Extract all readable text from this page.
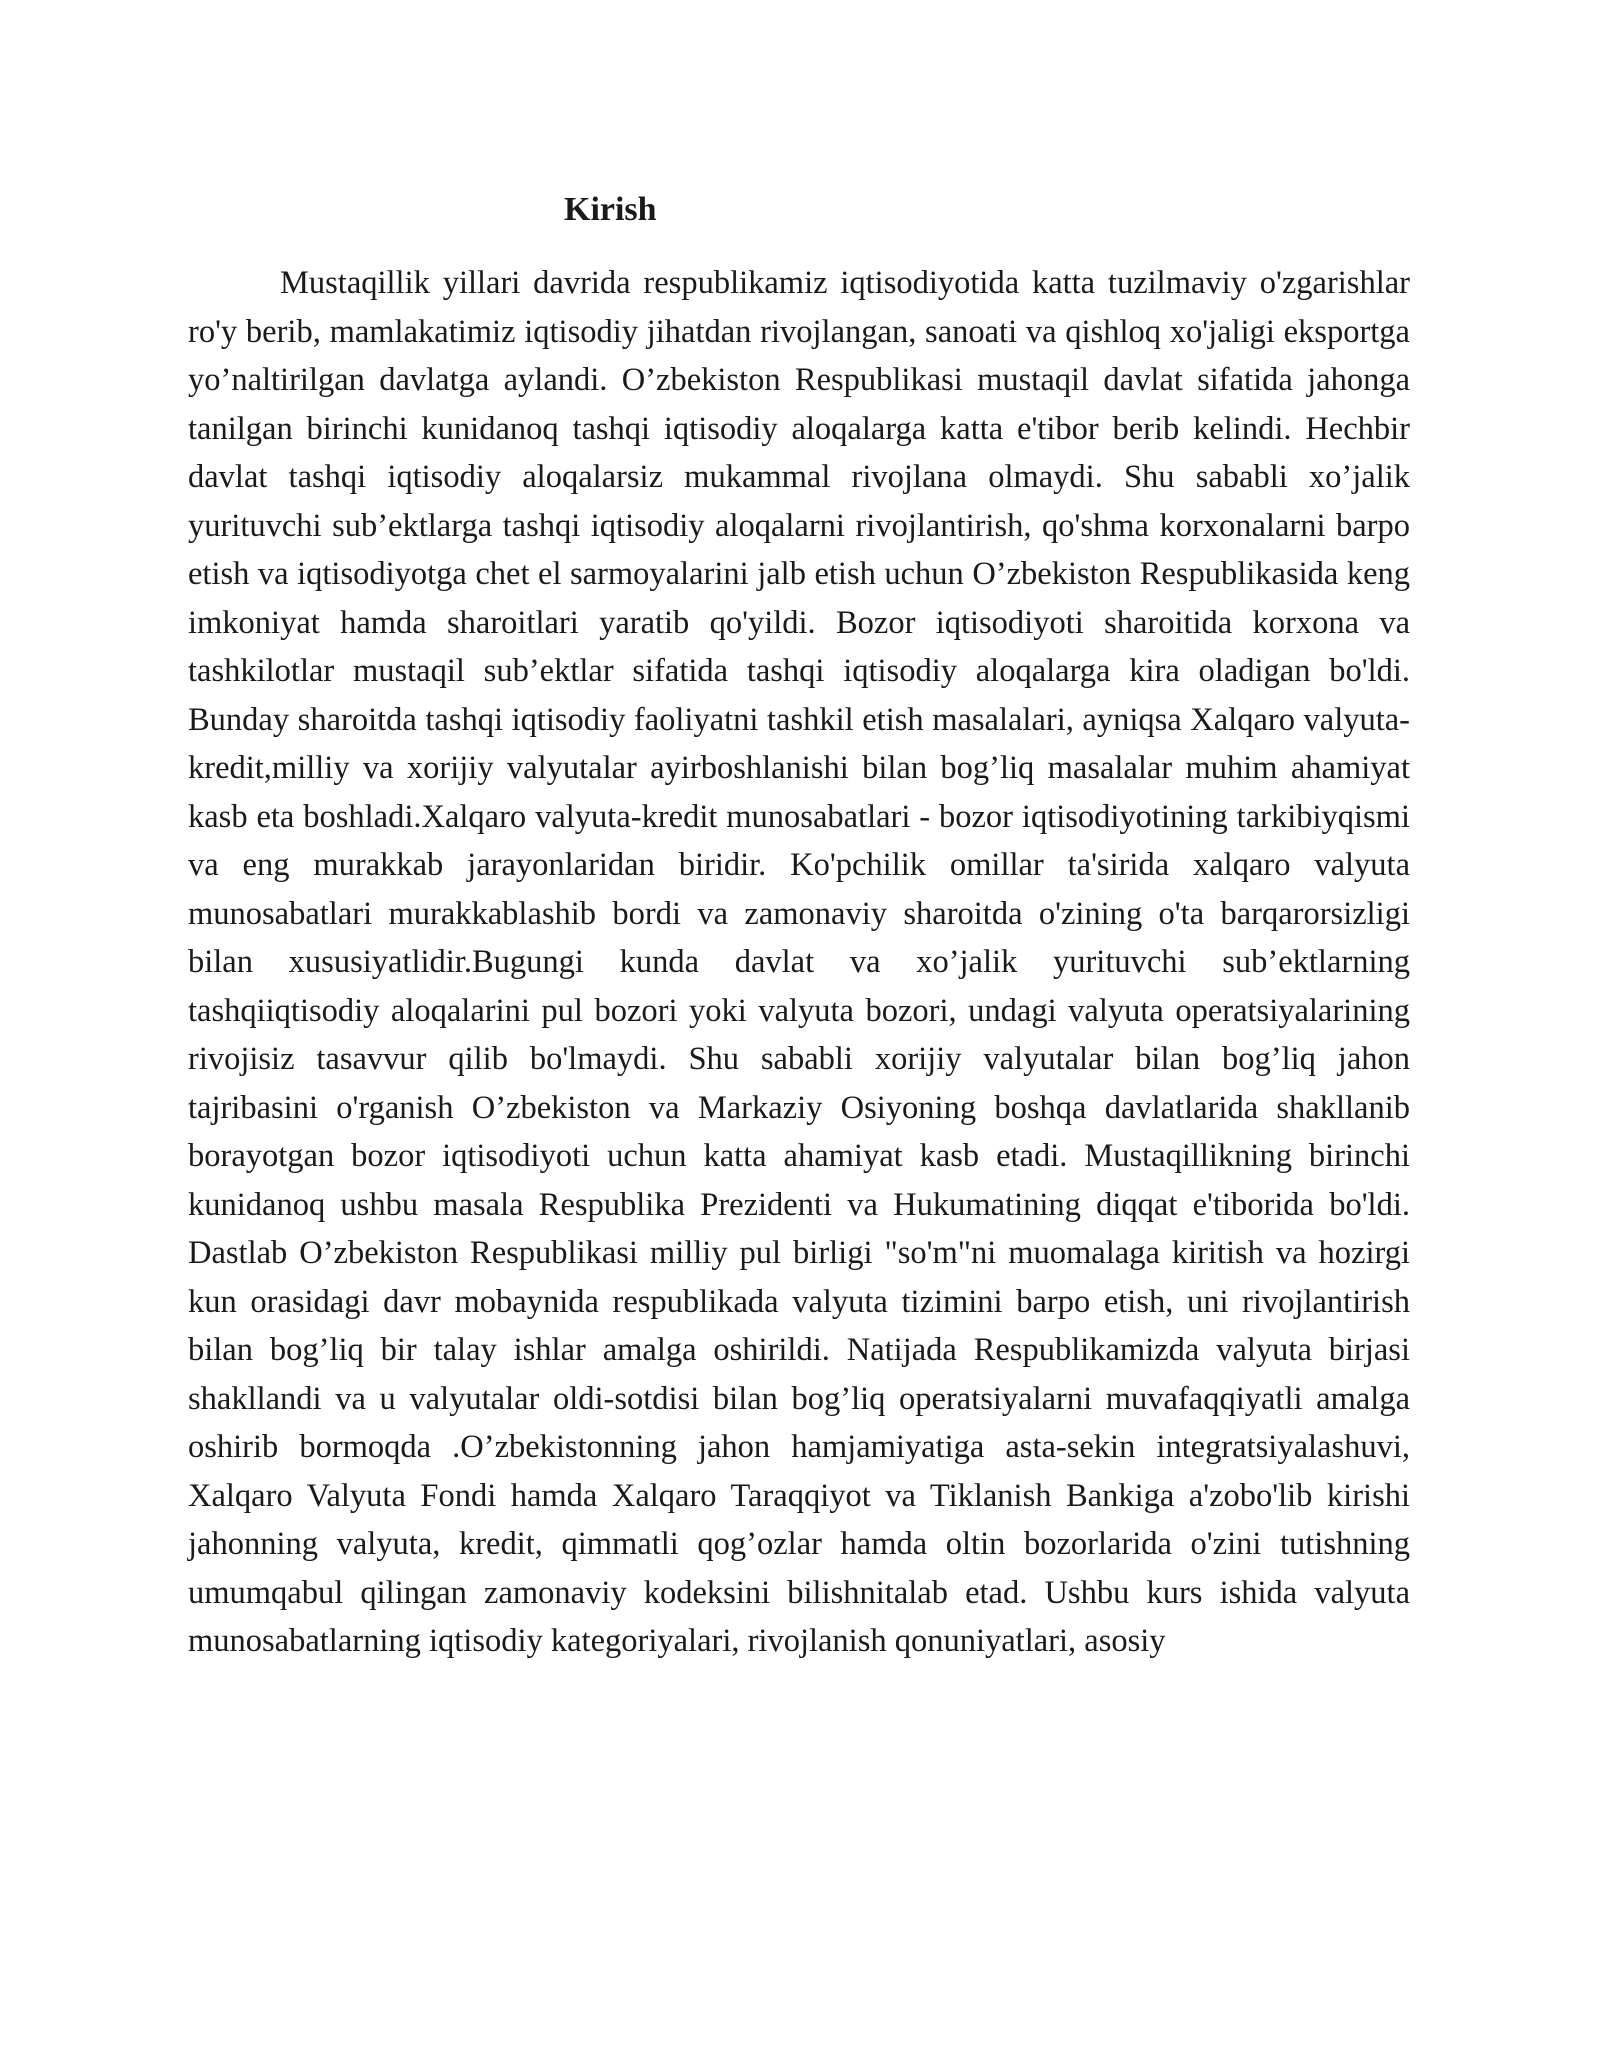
Kirish

Mustaqillik yillari davrida respublikamiz iqtisodiyotida katta tuzilmaviy o'zgarishlar ro'y berib, mamlakatimiz iqtisodiy jihatdan rivojlangan, sanoati va qishloq xo'jaligi eksportga yo’naltirilgan davlatga aylandi. O’zbekiston Respublikasi mustaqil davlat sifatida jahonga tanilgan birinchi kunidanoq tashqi iqtisodiy aloqalarga katta e'tibor berib kelindi. Hechbir davlat tashqi iqtisodiy aloqalarsiz mukammal rivojlana olmaydi. Shu sababli xo’jalik yurituvchi sub’ektlarga tashqi iqtisodiy aloqalarni rivojlantirish, qo'shma korxonalarni barpo etish va iqtisodiyotga chet el sarmoyalarini jalb etish uchun O’zbekiston Respublikasida keng imkoniyat hamda sharoitlari yaratib qo'yildi. Bozor iqtisodiyoti sharoitida korxona va tashkilotlar mustaqil sub’ektlar sifatida tashqi iqtisodiy aloqalarga kira oladigan bo'ldi. Bunday sharoitda tashqi iqtisodiy faoliyatni tashkil etish masalalari, ayniqsa Xalqaro valyuta-kredit,milliy va xorijiy valyutalar ayirboshlanishi bilan bog’liq masalalar muhim ahamiyat kasb eta boshladi.Xalqaro valyuta-kredit munosabatlari - bozor iqtisodiyotining tarkibiyqismi va eng murakkab jarayonlaridan biridir. Ko'pchilik omillar ta'sirida xalqaro valyuta munosabatlari murakkablashib bordi va zamonaviy sharoitda o'zining o'ta barqarorsizligi bilan xususiyatlidir.Bugungi kunda davlat va xo’jalik yurituvchi sub’ektlarning tashqiiqtisodiy aloqalarini pul bozori yoki valyuta bozori, undagi valyuta operatsiyalarining rivojisiz tasavvur qilib bo'lmaydi. Shu sababli xorijiy valyutalar bilan bog’liq jahon tajribasini o'rganish O’zbekiston va Markaziy Osiyoning boshqa davlatlarida shakllanib borayotgan bozor iqtisodiyoti uchun katta ahamiyat kasb etadi. Mustaqillikning birinchi kunidanoq ushbu masala Respublika Prezidenti va Hukumatining diqqat e'tiborida bo'ldi. Dastlab O’zbekiston Respublikasi milliy pul birligi "so'm"ni muomalaga kiritish va hozirgi kun orasidagi davr mobaynida respublikada valyuta tizimini barpo etish, uni rivojlantirish bilan bog’liq bir talay ishlar amalga oshirildi. Natijada Respublikamizda valyuta birjasi shakllandi va u valyutalar oldi-sotdisi bilan bog’liq operatsiyalarni muvafaqqiyatli amalga oshirib bormoqda .O’zbekistonning jahon hamjamiyatiga asta-sekin integratsiyalashuvi, Xalqaro Valyuta Fondi hamda Xalqaro Taraqqiyot va Tiklanish Bankiga a'zobo'lib kirishi jahonning valyuta, kredit, qimmatli qog’ozlar hamda oltin bozorlarida o'zini tutishning umumqabul qilingan zamonaviy kodeksini bilishnitalab etad. Ushbu kurs ishida valyuta munosabatlarning iqtisodiy kategoriyalari, rivojlanish qonuniyatlari, asosiy
